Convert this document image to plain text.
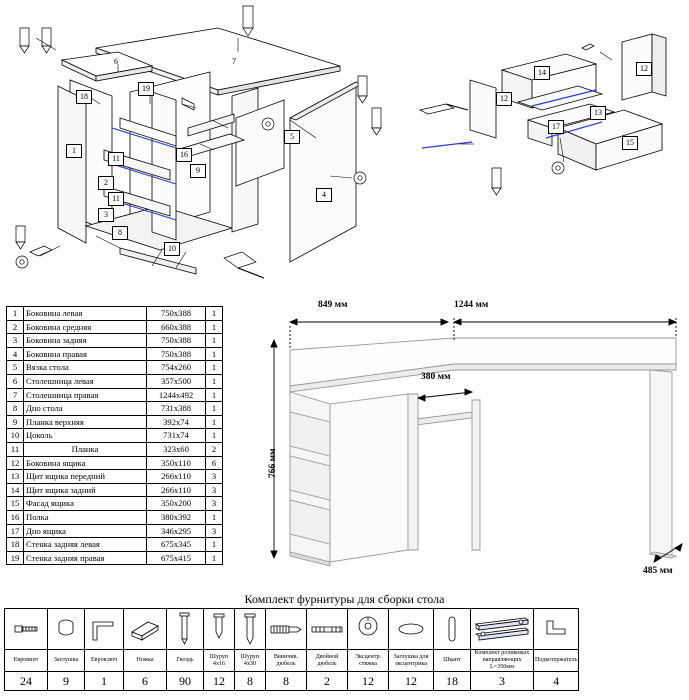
6	7
19
18
1
2
3
4
5
8
9
10
11
11
16
14	12
12
13
15
17
1	Боковина левая	750x388	1
2	Боковина средняя	660x388	1
3	Боковина задняя	750x388	1
4	Боковина правая	750x388	1
5	Вязка стола	754x260	1
6	Столешница левая	357x500	1
7	Столешница правая	1244x492	1
8	Дно стола	731x388	1
9	Планка верхняя	392x74	1
10	Цоколь	731x74	1
11	Планка	323x60	2
12	Боковина ящика	350x110	6
13	Щит ящика передний	266x110	3
14	Щит ящика задний	266x110	3
15	Фасад ящика	350x200	3
16	Полка	380x392	1
17	Дно ящика	346x295	3
18	Стенка задняя левая	675x345	1
19	Стенка задняя правая	675x415	1
1244 мм
849 мм
380 мм
766 мм
485 мм
Комплект фурнитуры для сборки стола

Евровинт	Заглушка	Евроключ	Ножка	Гвоздь	Шуруп 4х16	Шуруп 4х30	Ввинчив. дюбель	Двойной дюбель	Эксцентр. стяжка	Заглушка для эксцентрика	Шкант	Комплект роликовых направляющих L=350мм	Подкотержатель
24	9	1	6	90	12	8	8	2	12	12	18	3	4
